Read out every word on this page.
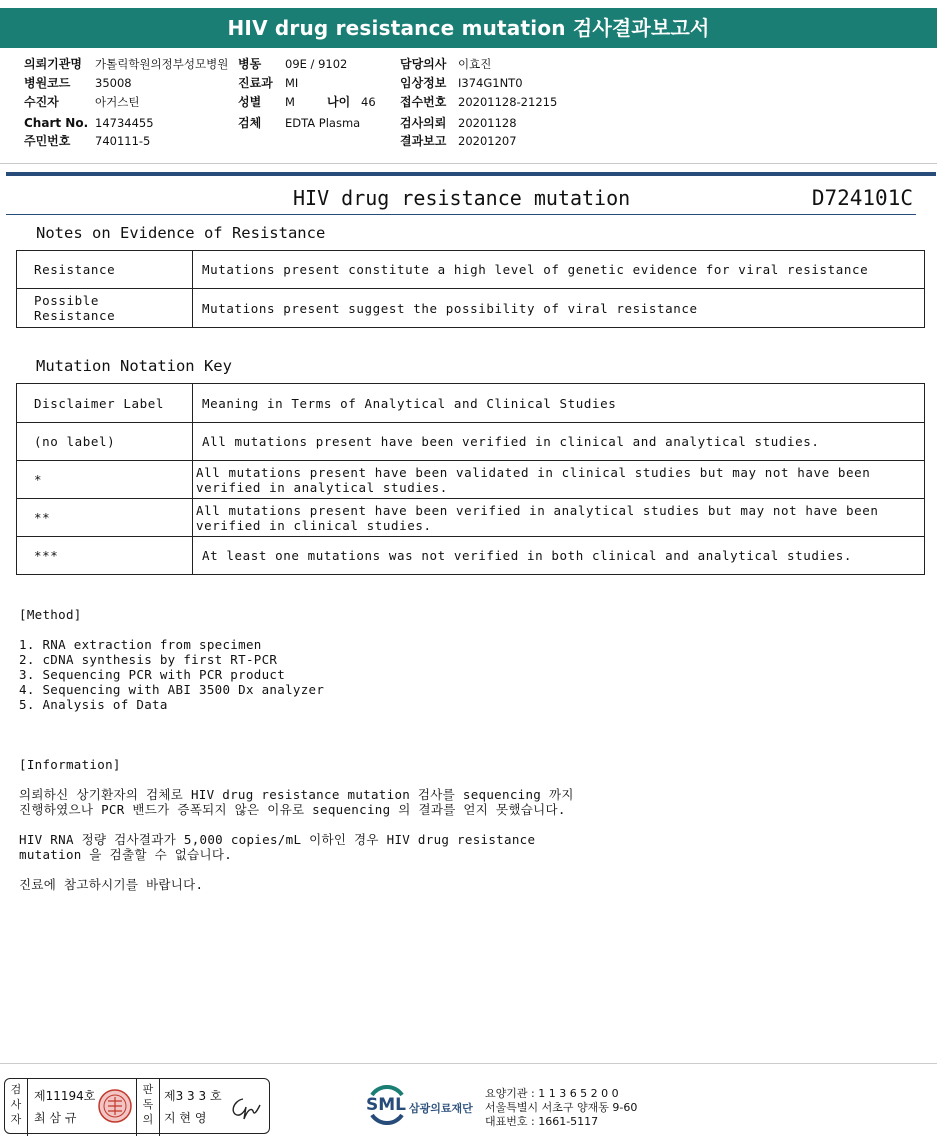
HIV drug resistance mutation 검사결과보고서
의뢰기관명 가톨릭학원의정부성모병원 병동 09E / 9102	담당의사 이효진
병원코드 35008	진료과 MI	임상정보 I374G1NT0
수진자	아거스틴	성별 M	나이 46 접수번호 20201128-21215
Chart No. 14734455	검체 EDTA Plasma	검사의뢰 20201128
주민번호 740111-5	결과보고 20201207
HIV drug resistance mutation	D724101C
Notes on Evidence of Resistance
Resistance	Mutations present constitute a high level of genetic evidence for viral resistance
Possible Resistance	Mutations present suggest the possibility of viral resistance
Mutation Notation Key
Disclaimer Label	Meaning in Terms of Analytical and Clinical Studies
(no label)	All mutations present have been verified in clinical and analytical studies.
*	All mutations present have been validated in clinical studies but may not have been verified in analytical studies.
**	All mutations present have been verified in analytical studies but may not have been verified in clinical studies.
***	At least one mutations was not verified in both clinical and analytical studies.
[Method]
1. RNA extraction from specimen
2. cDNA synthesis by first RT-PCR
3. Sequencing PCR with PCR product
4. Sequencing with ABI 3500 Dx analyzer
5. Analysis of Data
[Information]
의뢰하신 상기환자의 검체로 HIV drug resistance mutation 검사를 sequencing 까지
진행하였으나 PCR 밴드가 증폭되지 않은 이유로 sequencing 의 결과를 얻지 못했습니다.
HIV RNA 정량 검사결과가 5,000 copies/mL 이하인 경우 HIV drug resistance
mutation 을 검출할 수 없습니다.
진료에 참고하시기를 바랍니다.
검사자
제11194호
최 삼 규
판독의
제3 3 3 호
지 현 영
SML 삼광의료재단
요양기관 : 1 1 3 6 5 2 0 0
서울특별시 서초구 양재동 9-60
대표번호 : 1661-5117
